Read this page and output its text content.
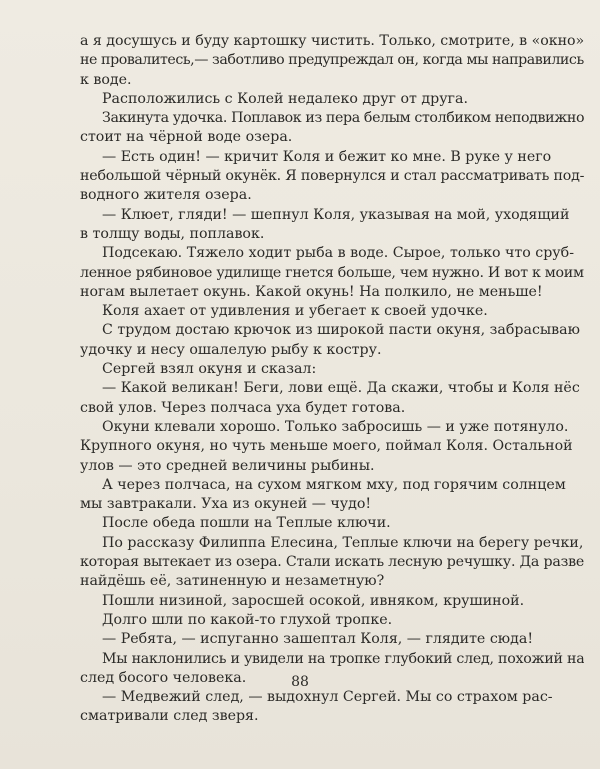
а я досушусь и буду картошку чистить. Только, смотрите, в «окно»
не провалитесь,— заботливо предупреждал он, когда мы направились
к воде.
Расположились с Колей недалеко друг от друга.
Закинута удочка. Поплавок из пера белым столбиком неподвижно
стоит на чёрной воде озера.
— Есть один! — кричит Коля и бежит ко мне. В руке у него
небольшой чёрный окунёк. Я повернулся и стал рассматривать под-
водного жителя озера.
— Клюет, гляди! — шепнул Коля, указывая на мой, уходящий
в толщу воды, поплавок.
Подсекаю. Тяжело ходит рыба в воде. Сырое, только что сруб-
ленное рябиновое удилище гнется больше, чем нужно. И вот к моим
ногам вылетает окунь. Какой окунь! На полкило, не меньше!
Коля ахает от удивления и убегает к своей удочке.
С трудом достаю крючок из широкой пасти окуня, забрасываю
удочку и несу ошалелую рыбу к костру.
Сергей взял окуня и сказал:
— Какой великан! Беги, лови ещё. Да скажи, чтобы и Коля нёс
свой улов. Через полчаса уха будет готова.
Окуни клевали хорошо. Только забросишь — и уже потянуло.
Крупного окуня, но чуть меньше моего, поймал Коля. Остальной
улов — это средней величины рыбины.
А через полчаса, на сухом мягком мху, под горячим солнцем
мы завтракали. Уха из окуней — чудо!
После обеда пошли на Теплые ключи.
По рассказу Филиппа Елесина, Теплые ключи на берегу речки,
которая вытекает из озера. Стали искать лесную речушку. Да разве
найдёшь её, затиненную и незаметную?
Пошли низиной, заросшей осокой, ивняком, крушиной.
Долго шли по какой-то глухой тропке.
— Ребята, — испуганно зашептал Коля, — глядите сюда!
Мы наклонились и увидели на тропке глубокий след, похожий на
след босого человека.
— Медвежий след, — выдохнул Сергей. Мы со страхом рас-
сматривали след зверя.
88
